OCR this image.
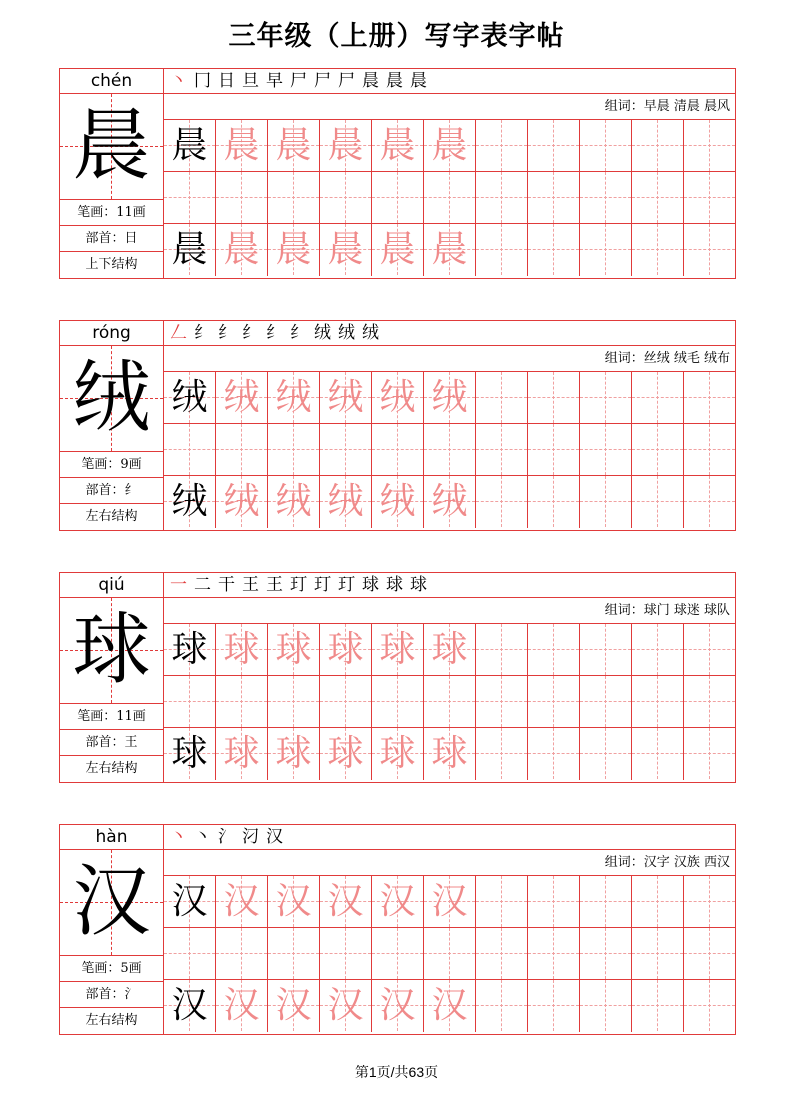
三年级（上册）写字表字帖
chén
晨
笔画：11画
部首：日
上下结构
丶 冂 日 旦 早 尸 尸 尸 晨 晨 晨
组词：早晨 清晨 晨风
晨 晨 晨 晨 晨 晨
晨 晨 晨 晨 晨 晨
róng
绒
笔画：9画
部首：纟
左右结构
𠃋 纟 纟 纟 纟 纟 绒 绒 绒
组词：丝绒 绒毛 绒布
绒 绒 绒 绒 绒 绒
绒 绒 绒 绒 绒 绒
qiú
球
笔画：11画
部首：王
左右结构
一 二 干 王 王 玎 玎 玎 球 球 球
组词：球门 球迷 球队
球 球 球 球 球 球
球 球 球 球 球 球
hàn
汉
笔画：5画
部首：氵
左右结构
丶 丶 氵 汈 汉
组词：汉字 汉族 西汉
汉 汉 汉 汉 汉 汉
汉 汉 汉 汉 汉 汉
第1页/共63页
